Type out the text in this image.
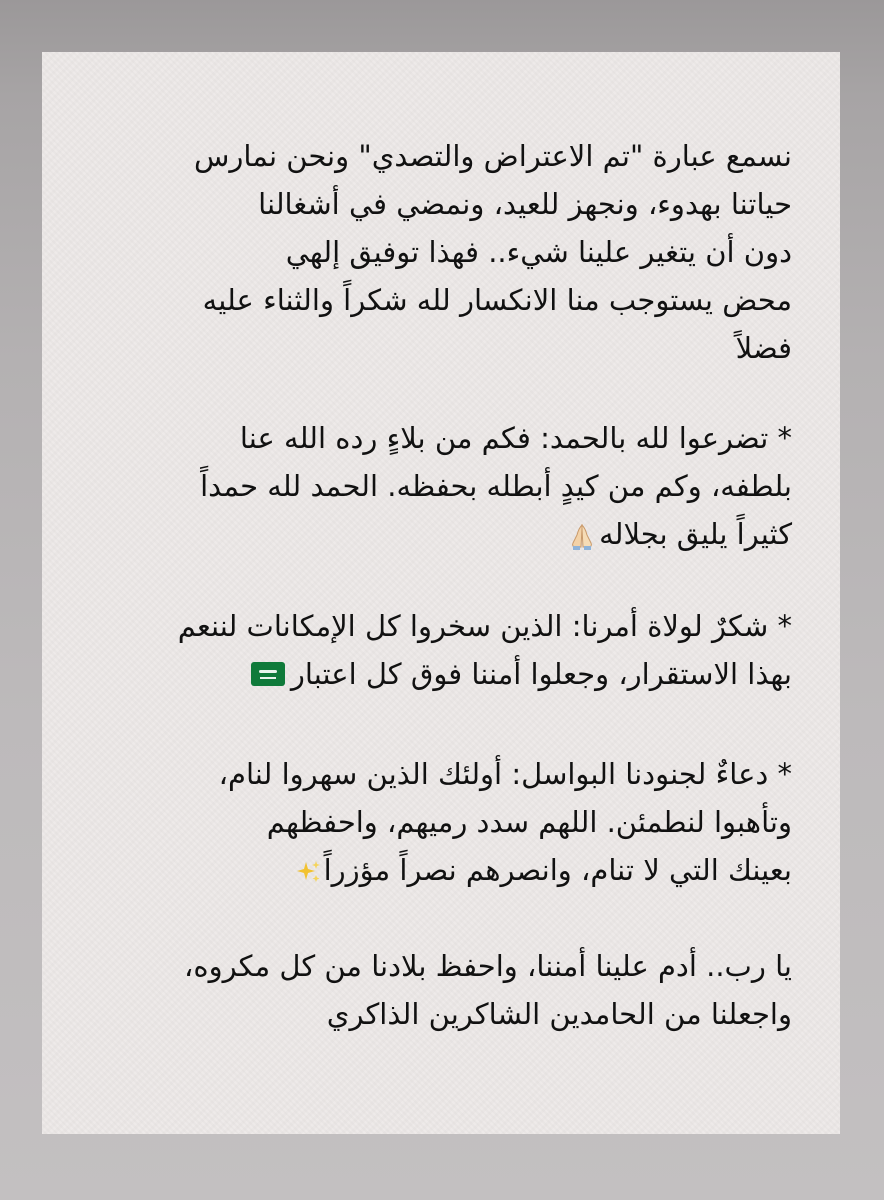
نسمع عبارة "تم الاعتراض والتصدي" ونحن نمارس
حياتنا بهدوء، ونجهز للعيد، ونمضي في أشغالنا
دون أن يتغير علينا شيء.. فهذا توفيق إلهي
محض يستوجب منا الانكسار لله شكراً والثناء عليه
فضلاً
* تضرعوا لله بالحمد: فكم من بلاءٍ رده الله عنا
بلطفه، وكم من كيدٍ أبطله بحفظه. الحمد لله حمداً
كثيراً يليق بجلاله
* شكرٌ لولاة أمرنا: الذين سخروا كل الإمكانات لننعم
بهذا الاستقرار، وجعلوا أمننا فوق كل اعتبار
* دعاءٌ لجنودنا البواسل: أولئك الذين سهروا لنام،
وتأهبوا لنطمئن. اللهم سدد رميهم، واحفظهم
بعينك التي لا تنام، وانصرهم نصراً مؤزراً
يا رب.. أدم علينا أمننا، واحفظ بلادنا من كل مكروه،
واجعلنا من الحامدين الشاكرين الذاكري
